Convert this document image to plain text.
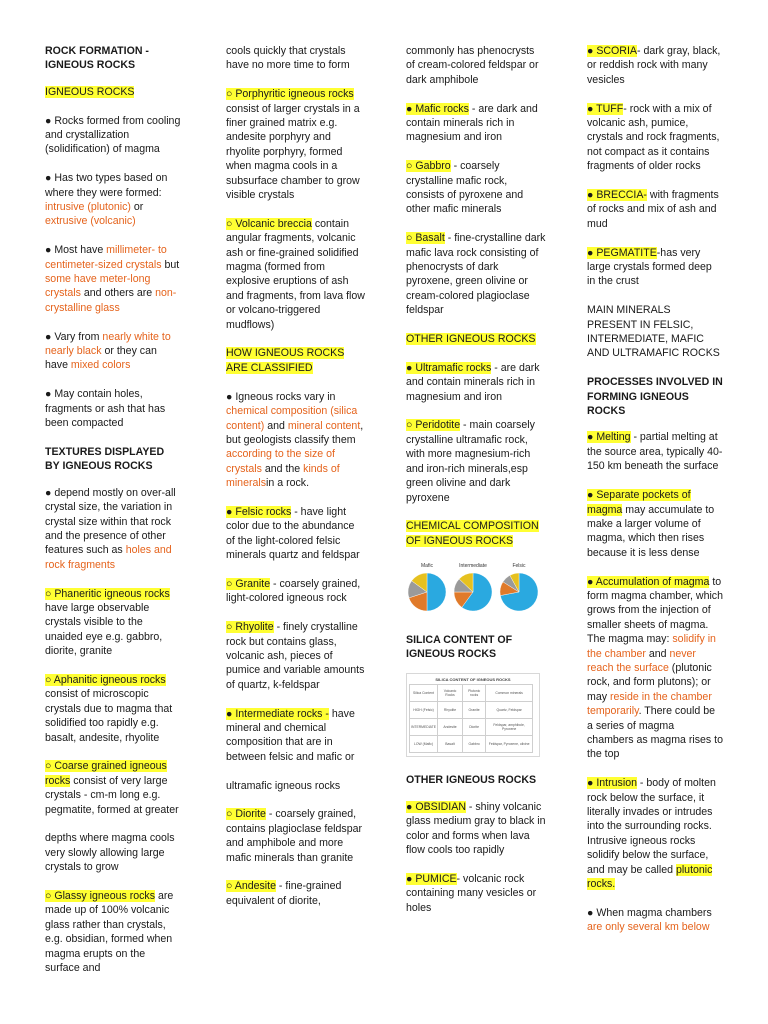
ROCK FORMATION - IGNEOUS ROCKS

IGNEOUS ROCKS

● Rocks formed from cooling and crystallization (solidification) of magma

● Has two types based on where they were formed: intrusive (plutonic) or extrusive (volcanic)

● Most have millimeter- to centimeter-sized crystals but some have meter-long crystals and others are non-crystalline glass

● Vary from nearly white to nearly black or they can have mixed colors

● May contain holes, fragments or ash that has been compacted

TEXTURES DISPLAYED BY IGNEOUS ROCKS

● depend mostly on over-all crystal size, the variation in crystal size within that rock and the presence of other features such as holes and rock fragments

○ Phaneritic igneous rocks have large observable crystals visible to the unaided eye e.g. gabbro, diorite, granite

○ Aphanitic igneous rocks consist of microscopic crystals due to magma that solidified too rapidly e.g. basalt, andesite, rhyolite

○ Coarse grained igneous rocks consist of very large crystals - cm-m long e.g. pegmatite, formed at greater

depths where magma cools very slowly allowing large crystals to grow

○ Glassy igneous rocks are made up of 100% volcanic glass rather than crystals, e.g. obsidian, formed when magma erupts on the surface and

cools quickly that crystals have no more time to form

○ Porphyritic igneous rocks consist of larger crystals in a finer grained matrix e.g. andesite porphyry and rhyolite porphyry, formed when magma cools in a subsurface chamber to grow visible crystals

○ Volcanic breccia contain angular fragments, volcanic ash or fine-grained solidified magma (formed from explosive eruptions of ash and fragments, from lava flow or volcano-triggered mudflows)

HOW IGNEOUS ROCKS ARE CLASSIFIED

● Igneous rocks vary in chemical composition (silica content) and mineral content, but geologists classify them according to the size of crystals and the kinds of mineralsin a rock.

● Felsic rocks - have light color due to the abundance of the light-colored felsic minerals quartz and feldspar

○ Granite - coarsely grained, light-colored igneous rock

○ Rhyolite - finely crystalline rock but contains glass, volcanic ash, pieces of pumice and variable amounts of quartz, k-feldspar

● Intermediate rocks - have mineral and chemical composition that are in between felsic and mafic or

ultramafic igneous rocks

○ Diorite - coarsely grained, contains plagioclase feldspar and amphibole and more mafic minerals than granite

○ Andesite - fine-grained equivalent of diorite,

commonly has phenocrysts of cream-colored feldspar or dark amphibole

● Mafic rocks - are dark and contain minerals rich in magnesium and iron

○ Gabbro - coarsely crystalline mafic rock, consists of pyroxene and other mafic minerals

○ Basalt - fine-crystalline dark mafic lava rock consisting of phenocrysts of dark pyroxene, green olivine or cream-colored plagioclase feldspar

OTHER IGNEOUS ROCKS

● Ultramafic rocks - are dark and contain minerals rich in magnesium and iron

○ Peridotite - main coarsely crystalline ultramafic rock, with more magnesium-rich and iron-rich minerals,esp green olivine and dark pyroxene

CHEMICAL COMPOSITION OF IGNEOUS ROCKS

Mafic	Intermediate	Felsic

SILICA CONTENT OF IGNEOUS ROCKS

SILICA CONTENT OF IGNEOUS ROCKS
Silica Content	Volcanic Rocks	Plutonic rocks	Common minerals
HIGH (Felsic)	Rhyolite	Granite	Quartz, Feldspar
INTERMEDIATE	Andesite	Diorite	Feldspar, amphibole, Pyroxene
LOW (Mafic)	Basalt	Gabbro	Feldspar, Pyroxene, olivine

OTHER IGNEOUS ROCKS

● OBSIDIAN - shiny volcanic glass medium gray to black in color and forms when lava flow cools too rapidly

● PUMICE- volcanic rock containing many vesicles or holes

● SCORIA- dark gray, black, or reddish rock with many vesicles

● TUFF- rock with a mix of volcanic ash, pumice, crystals and rock fragments, not compact as it contains fragments of older rocks

● BRECCIA- with fragments of rocks and mix of ash and mud

● PEGMATITE-has very large crystals formed deep in the crust

MAIN MINERALS PRESENT IN FELSIC, INTERMEDIATE, MAFIC AND ULTRAMAFIC ROCKS

PROCESSES INVOLVED IN FORMING IGNEOUS ROCKS

● Melting - partial melting at the source area, typically 40-150 km beneath the surface

● Separate pockets of magma may accumulate to make a larger volume of magma, which then rises because it is less dense

● Accumulation of magma to form magma chamber, which grows from the injection of smaller sheets of magma. The magma may: solidify in the chamber and never reach the surface (plutonic rock, and form plutons); or may reside in the chamber temporarily. There could be a series of magma chambers as magma rises to the top

● Intrusion - body of molten rock below the surface, it literally invades or intrudes into the surrounding rocks. Intrusive igneous rocks solidify below the surface, and may be called plutonic rocks.

● When magma chambers are only several km below
